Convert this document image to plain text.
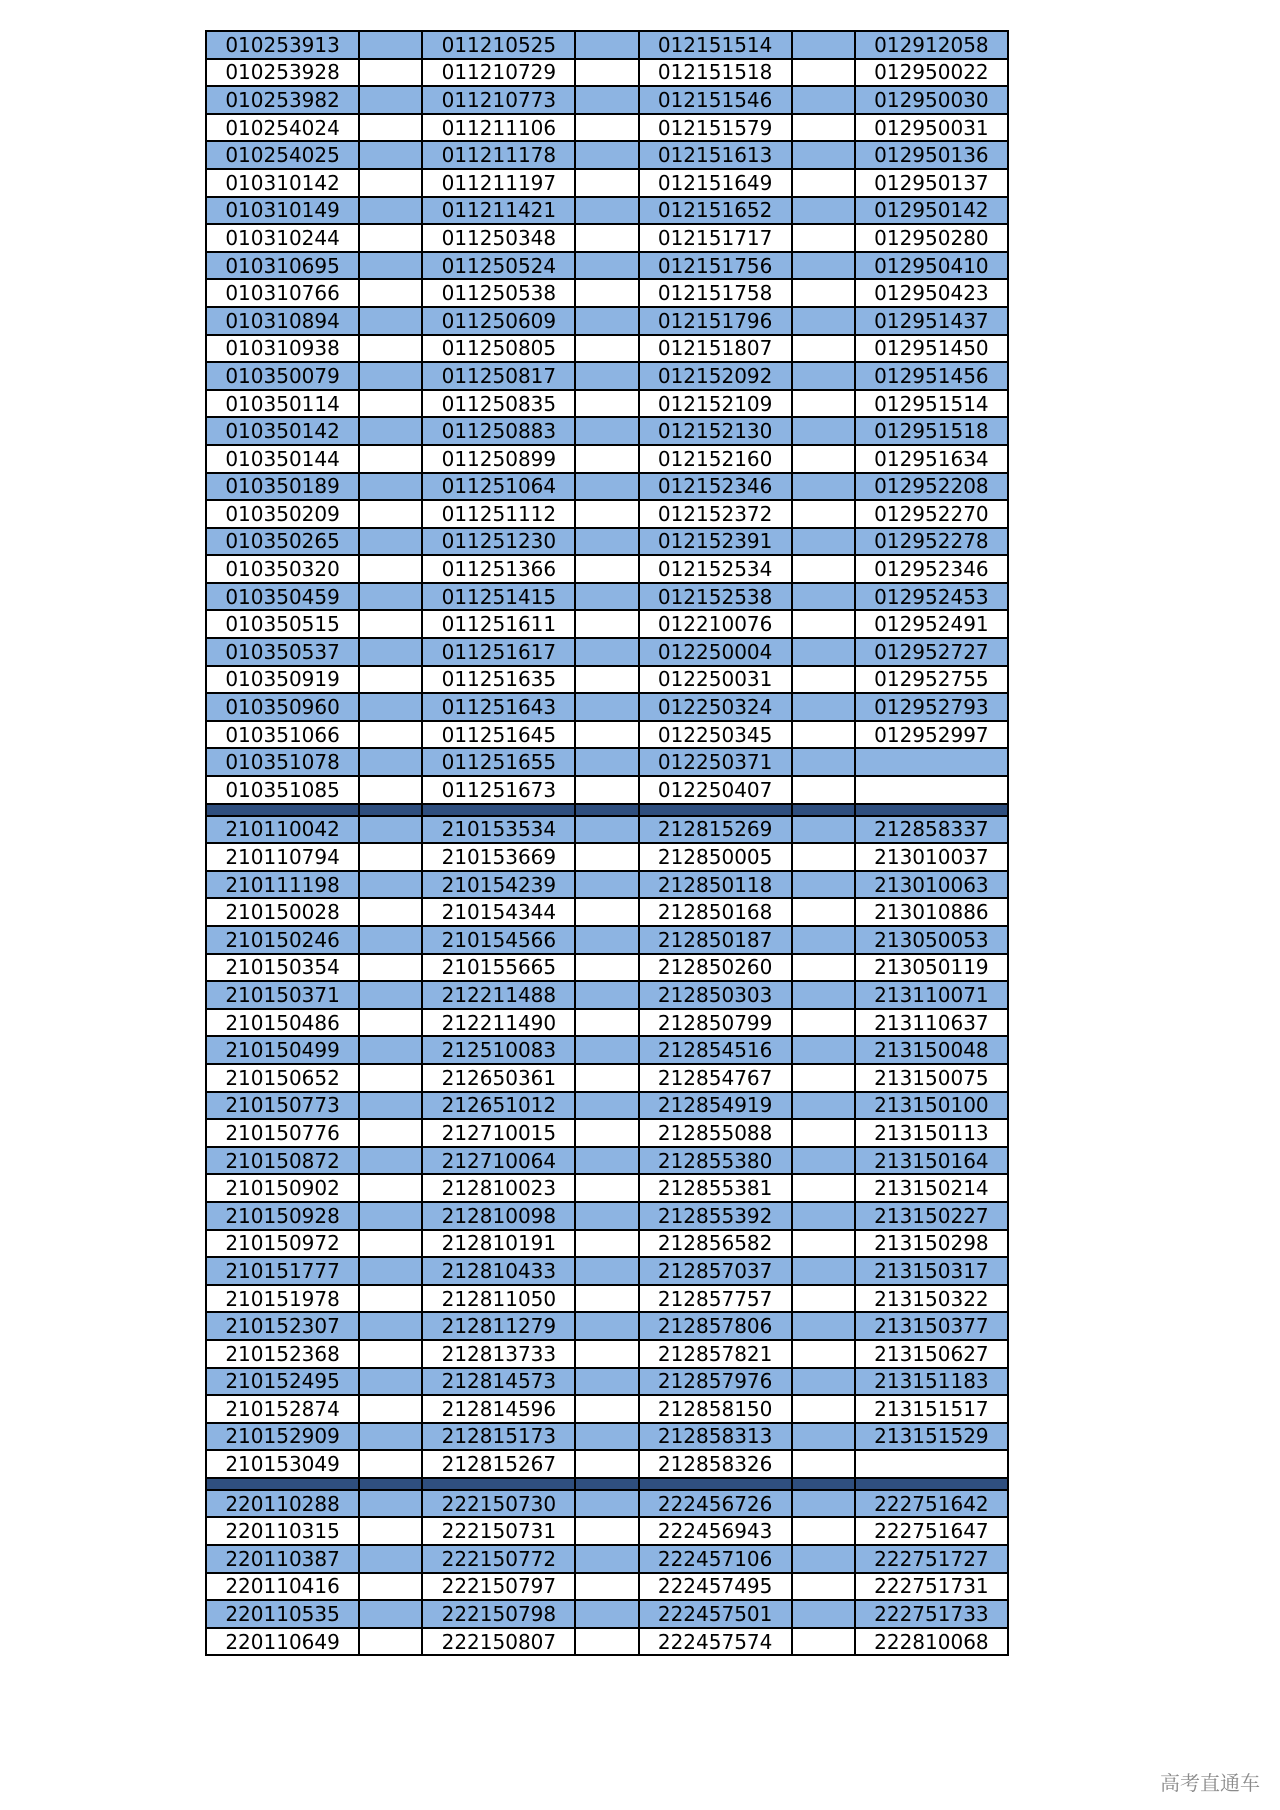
010253913		011210525		012151514		012912058
010253928		011210729		012151518		012950022
010253982		011210773		012151546		012950030
010254024		011211106		012151579		012950031
010254025		011211178		012151613		012950136
010310142		011211197		012151649		012950137
010310149		011211421		012151652		012950142
010310244		011250348		012151717		012950280
010310695		011250524		012151756		012950410
010310766		011250538		012151758		012950423
010310894		011250609		012151796		012951437
010310938		011250805		012151807		012951450
010350079		011250817		012152092		012951456
010350114		011250835		012152109		012951514
010350142		011250883		012152130		012951518
010350144		011250899		012152160		012951634
010350189		011251064		012152346		012952208
010350209		011251112		012152372		012952270
010350265		011251230		012152391		012952278
010350320		011251366		012152534		012952346
010350459		011251415		012152538		012952453
010350515		011251611		012210076		012952491
010350537		011251617		012250004		012952727
010350919		011251635		012250031		012952755
010350960		011251643		012250324		012952793
010351066		011251645		012250345		012952997
010351078		011251655		012250371		
010351085		011251673		012250407		

210110042		210153534		212815269		212858337
210110794		210153669		212850005		213010037
210111198		210154239		212850118		213010063
210150028		210154344		212850168		213010886
210150246		210154566		212850187		213050053
210150354		210155665		212850260		213050119
210150371		212211488		212850303		213110071
210150486		212211490		212850799		213110637
210150499		212510083		212854516		213150048
210150652		212650361		212854767		213150075
210150773		212651012		212854919		213150100
210150776		212710015		212855088		213150113
210150872		212710064		212855380		213150164
210150902		212810023		212855381		213150214
210150928		212810098		212855392		213150227
210150972		212810191		212856582		213150298
210151777		212810433		212857037		213150317
210151978		212811050		212857757		213150322
210152307		212811279		212857806		213150377
210152368		212813733		212857821		213150627
210152495		212814573		212857976		213151183
210152874		212814596		212858150		213151517
210152909		212815173		212858313		213151529
210153049		212815267		212858326		

220110288		222150730		222456726		222751642
220110315		222150731		222456943		222751647
220110387		222150772		222457106		222751727
220110416		222150797		222457495		222751731
220110535		222150798		222457501		222751733
220110649		222150807		222457574		222810068
高考直通车
